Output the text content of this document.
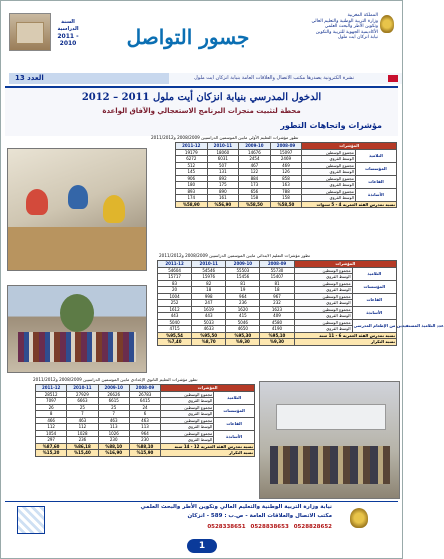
السنة الدراسية
2011 - 2010	جسور التواصل
المملكة المغربية
وزارة التربية الوطنية والتعليم العالي
وتكوين الأطر والبحث العلمي
الأكاديمية الجهوية للتربية والتكوين
نيابة انزكان ايت ملول
العدد 13	نشرة الكترونية يصدرها مكتب الاتصال والعلاقات العامة بنيابة انزكان ايت ملول
الدخول المدرسي بنيابة انزكان أيت ملول 2011 – 2012
محطة لتثبيت منجزات البرنامج الاستعجالي والآفاق الواعدة
مؤشرات واتجاهات التطور
تطور مؤشرات التعليم الأولي مابين الموسمين الدراسيين 2008/2009 و2011/2012
2011-12	2010-11	2009-10	2008-09	المؤشرات	
19179	18060	14676	15097	مجموع الوسطين	التلاميذ
6272	6031	2454	2469	الوسط القروي	
512	507	467	469	مجموع الوسطين	المؤسسات
145	131	122	126	الوسط القروي	
906	892	884	858	مجموع الوسطين	القاعات
180	175	173	163	الوسط القروي	
893	890	656	788	مجموع الوسطين	الأساتذة
174	161	158	158	الوسط القروي	
%58,90	%56,90	%58,50	%58,50	نسبة تمدرس الفئة العمرية 4 - 5 سنوات	
تطور مؤشرات التعليم الابتدائي مابين الموسمين الدراسيين 2008/2009 و2011/2012
2011-12	2010-11	2009-10	2008-09	المؤشرات	
54604	54546	55503	55730	مجموع الوسطين	التلاميذ
15717	15976	15456	15407	الوسط القروي	
83	82	81	81	مجموع الوسطين	المؤسسات
20	18	19	18	الوسط القروي	
1004	998	964	967	مجموع الوسطين	القاعات
252	247	236	232	الوسط القروي	
1612	1619	1620	1623	مجموع الوسطين	الأساتذة
443	443	415	409	الوسط القروي	
5040	5033	5046	4580	مجموع الوسطين	عدد التلاميذ المستفيدين من الإطعام المدرسي
4715	4633	4650	4190	الوسط القروي	
%95,54	%95,50	%95,30	%95,10	نسبة تمدرس الفئة العمرية 6 - 11 سنة	
%7,40	%8,70	%9,30	%9,30	نسبة التكرار	
تطور مؤشرات التعليم الثانوي الإعدادي مابين الموسمين الدراسيين 2008/2009 و2011/2012
2011-12	2010-11	2009-10	2008-09	المؤشرات	
28512	27929	26626	26783	مجموع الوسطين	التلاميذ
7097	6663	6615	6415	الوسط القروي	
26	25	25	24	مجموع الوسطين	المؤسسات
8	7	7	6	الوسط القروي	
466	463	463	463	مجموع الوسطين	القاعات
112	112	113	113	الوسط القروي	
1054	1028	1026	964	مجموع الوسطين	الأساتذة
297	236	230	230	الوسط القروي	
%87,60	%86,18	%88,10	%88,10	نسبة تمدرس الفئة العمرية 12 - 14 سنة	
%15,20	%15,40	%16,90	%15,90	نسبة التكرار	
نيابة وزارة التربية الوطنية والتعليم العالي وتكوين الأطر والبحث العلمي
مكتب الاتصال والعلاقات العامة - ص.ب : 589 - انزكان
0528338651 0528838653 0528828652
1
